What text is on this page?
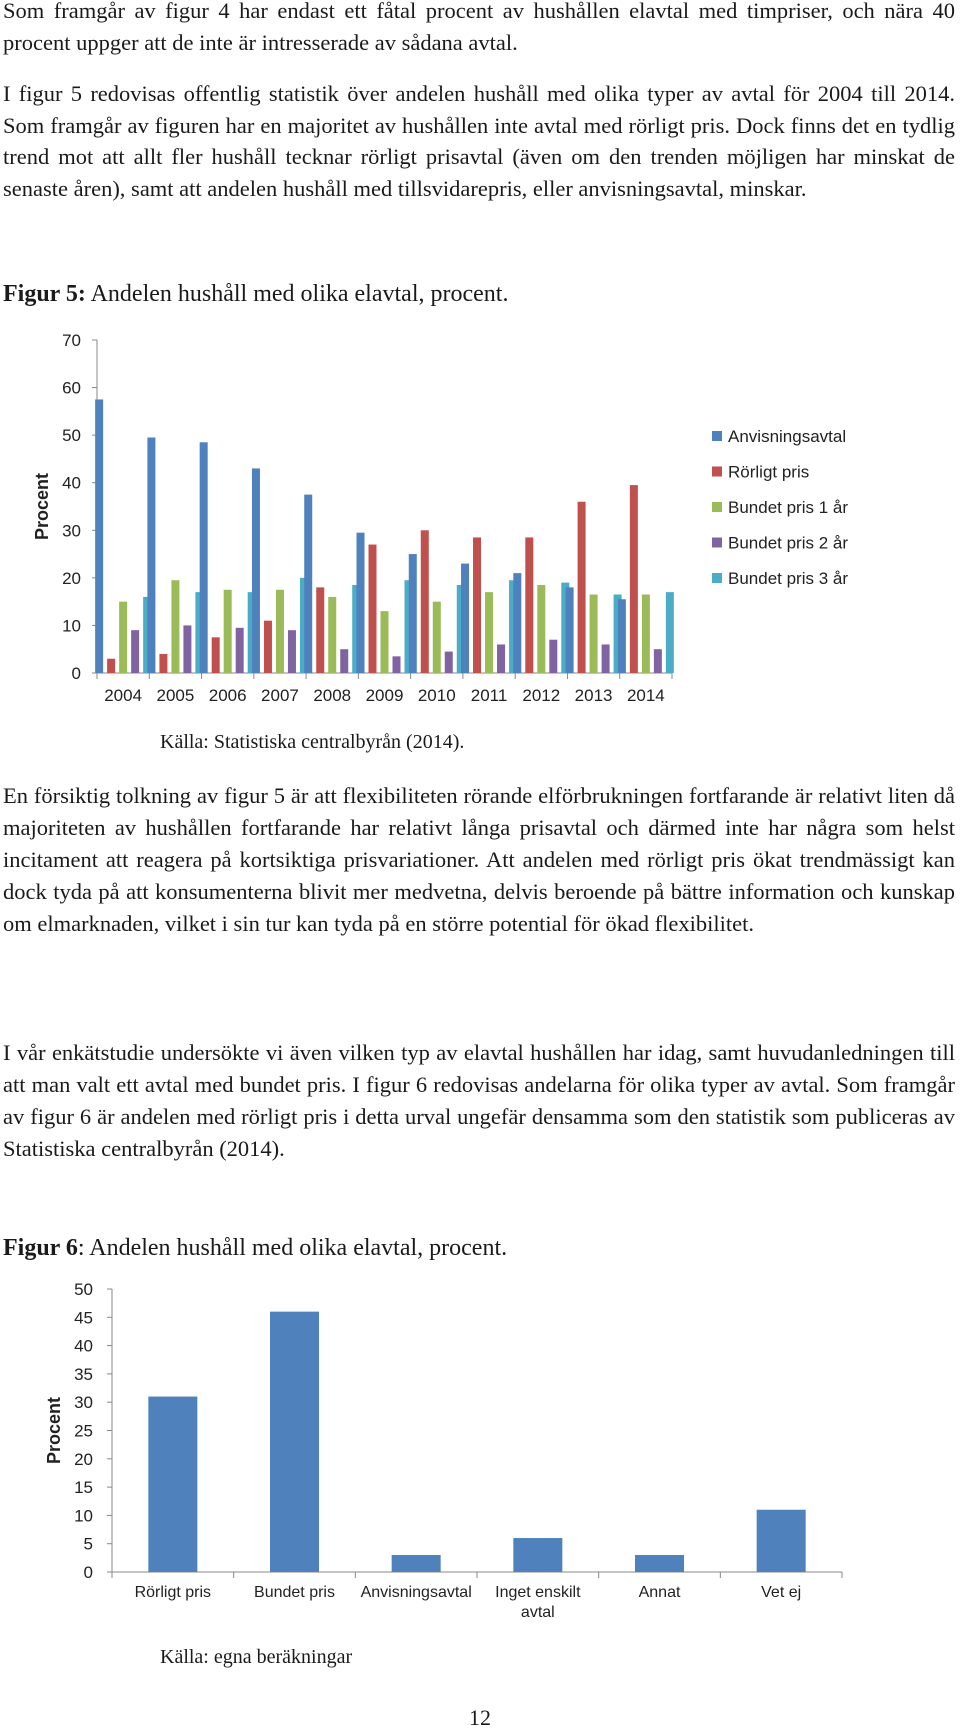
Som framgår av figur 4 har endast ett fåtal procent av hushållen elavtal med timpriser, och nära 40 procent uppger att de inte är intresserade av sådana avtal.

I figur 5 redovisas offentlig statistik över andelen hushåll med olika typer av avtal för 2004 till 2014. Som framgår av figuren har en majoritet av hushållen inte avtal med rörligt pris. Dock finns det en tydlig trend mot att allt fler hushåll tecknar rörligt prisavtal (även om den trenden möjligen har minskat de senaste åren), samt att andelen hushåll med tillsvidarepris, eller anvisningsavtal, minskar.

Figur 5: Andelen hushåll med olika elavtal, procent.
0
10
20
30
40
50
60
70
Procent
2004 2005 2006 2007 2008 2009 2010 2011 2012 2013 2014
Anvisningsavtal
Rörligt pris
Bundet pris 1 år
Bundet pris 2 år
Bundet pris 3 år
Källa: Statistiska centralbyrån (2014).

En försiktig tolkning av figur 5 är att flexibiliteten rörande elförbrukningen fortfarande är relativt liten då majoriteten av hushållen fortfarande har relativt långa prisavtal och därmed inte har några som helst incitament att reagera på kortsiktiga prisvariationer. Att andelen med rörligt pris ökat trendmässigt kan dock tyda på att konsumenterna blivit mer medvetna, delvis beroende på bättre information och kunskap om elmarknaden, vilket i sin tur kan tyda på en större potential för ökad flexibilitet.

I vår enkätstudie undersökte vi även vilken typ av elavtal hushållen har idag, samt huvudanledningen till att man valt ett avtal med bundet pris. I figur 6 redovisas andelarna för olika typer av avtal. Som framgår av figur 6 är andelen med rörligt pris i detta urval ungefär densamma som den statistik som publiceras av Statistiska centralbyrån (2014).

Figur 6: Andelen hushåll med olika elavtal, procent.
0
5
10
15
20
25
30
35
40
45
50
Procent
Rörligt pris	Bundet pris Anvisningsavtal Inget enskilt avtal
Annat	Vet ej
Källa: egna beräkningar
12
